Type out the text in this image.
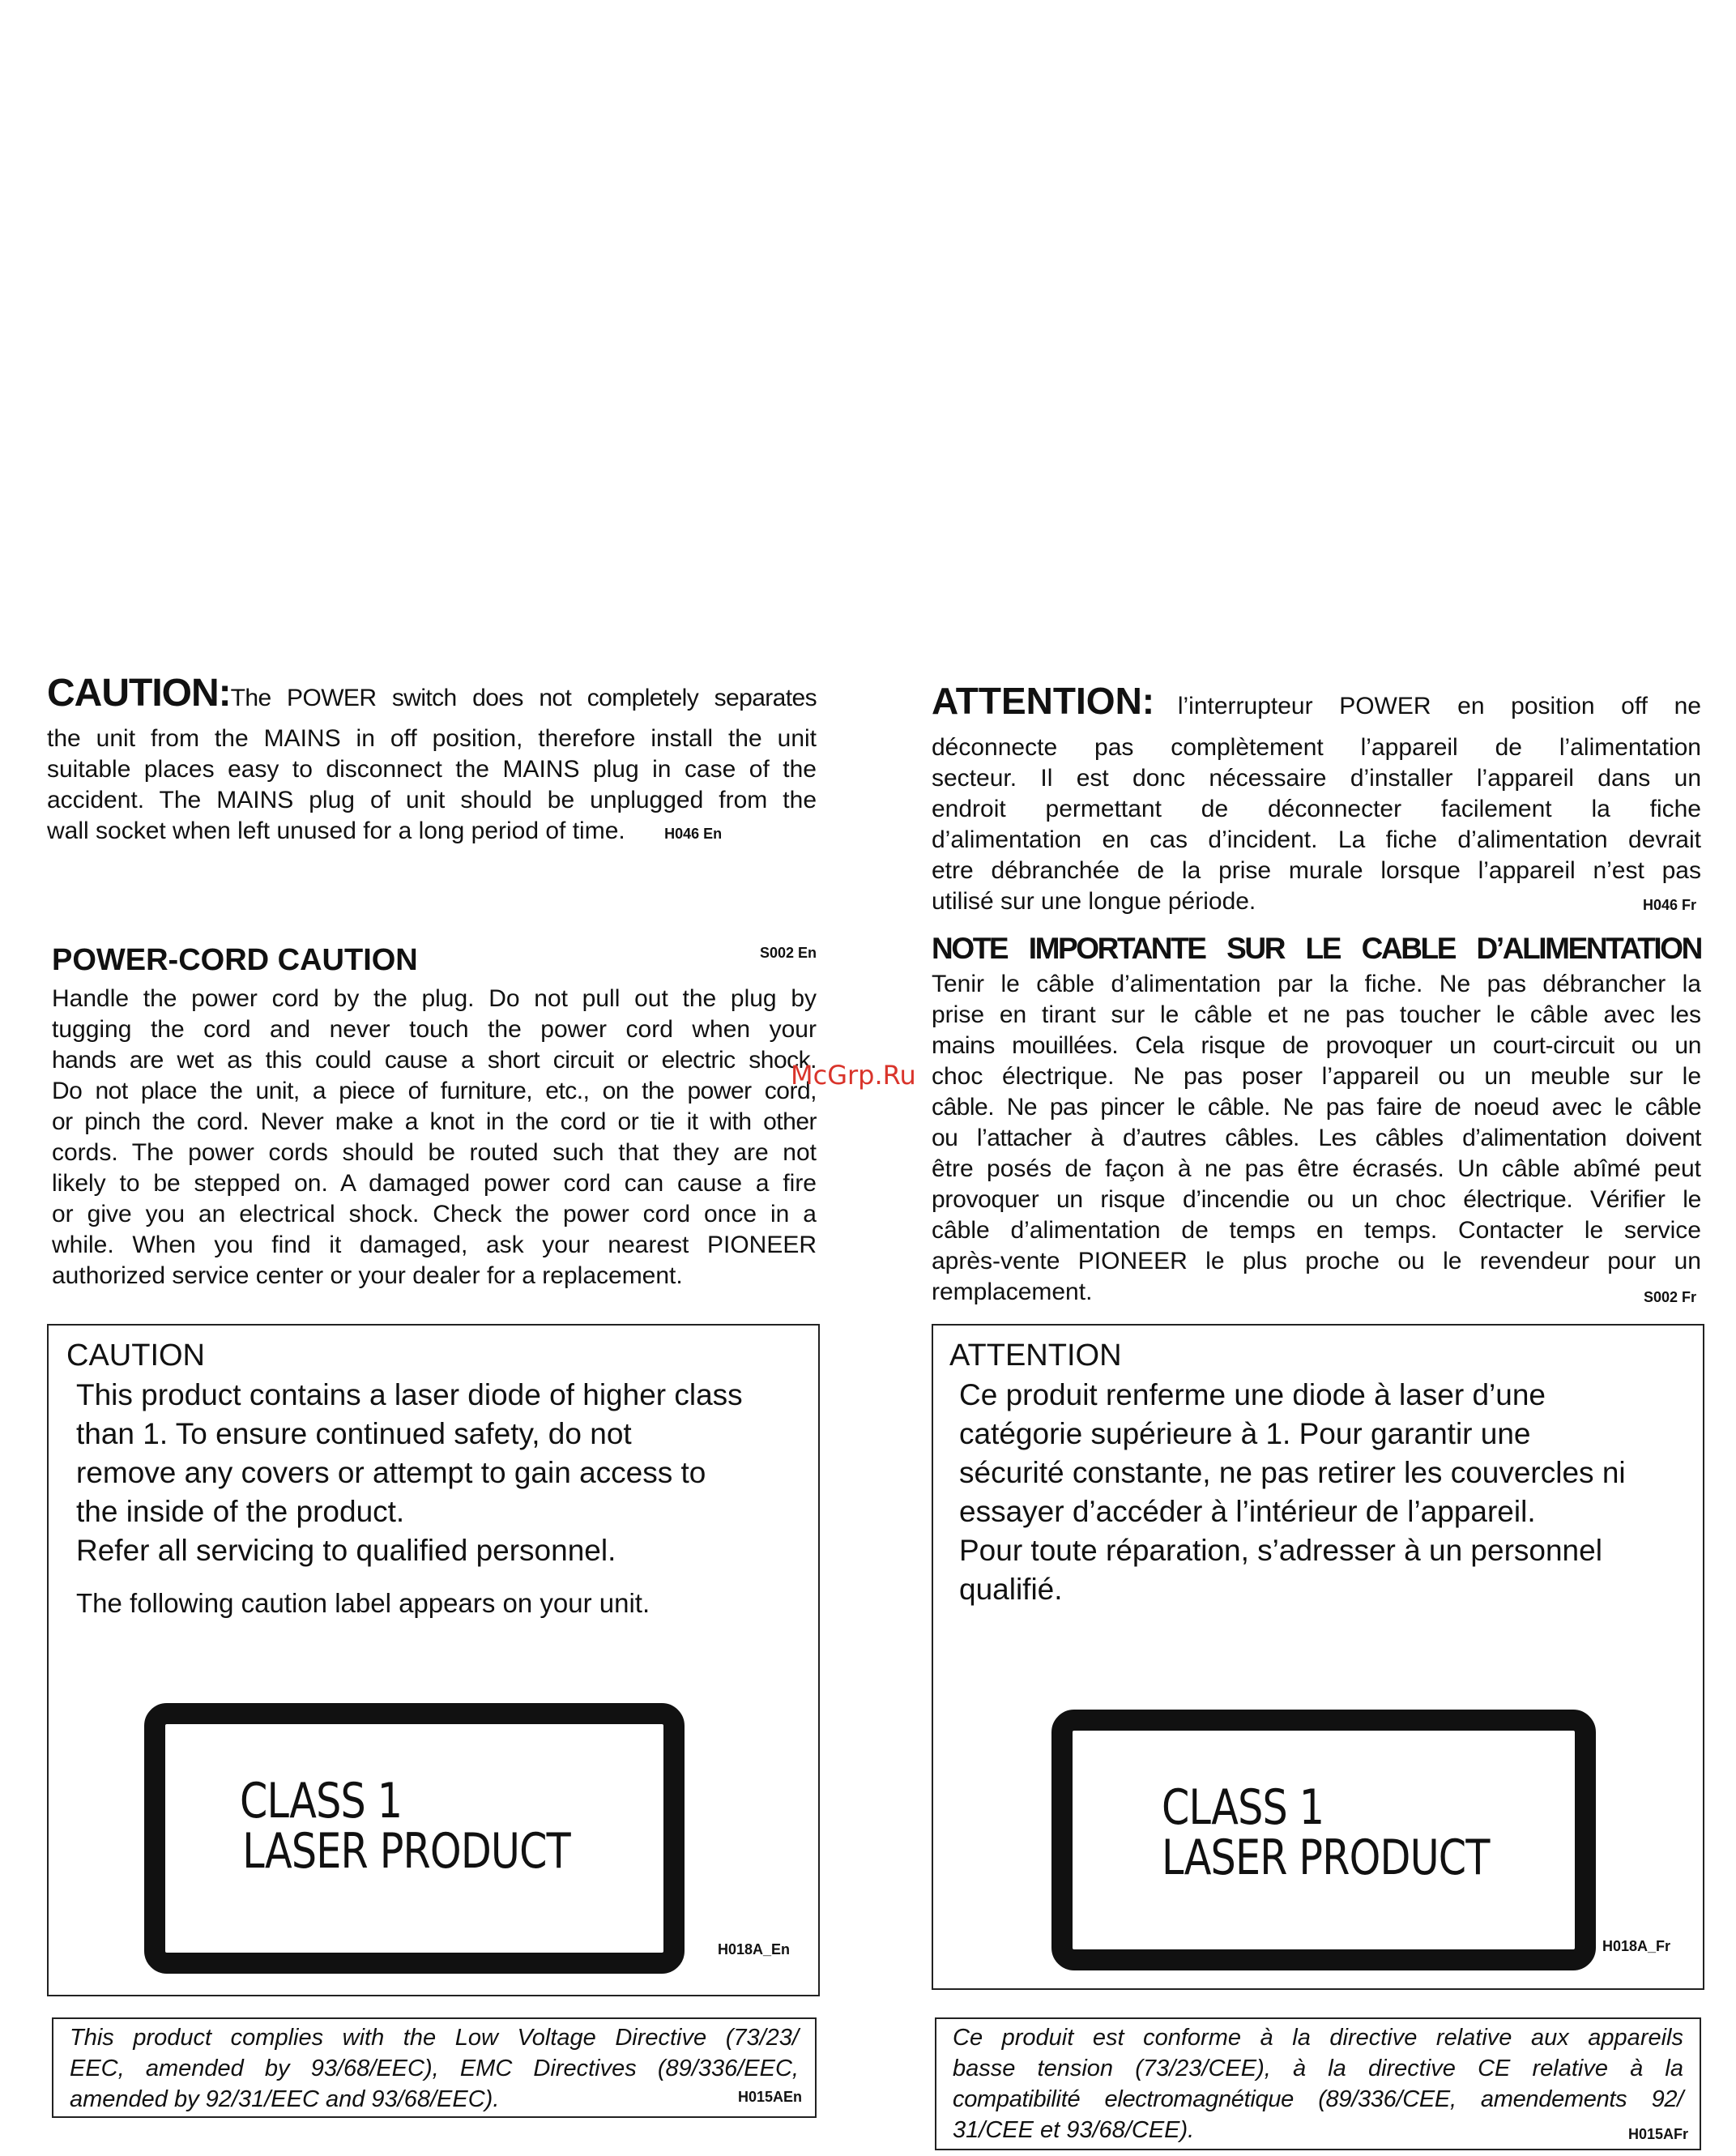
CAUTION:The POWER switch does not completely separates
the unit from the MAINS in off position, therefore install the unit
suitable places easy to disconnect the MAINS plug in case of the
accident. The MAINS plug of unit should be unplugged from the
wall socket when left unused for a long period of time.	H046 En
POWER-CORD CAUTION	S002 En
Handle the power cord by the plug. Do not pull out the plug by
tugging the cord and never touch the power cord when your
hands are wet as this could cause a short circuit or electric shock.
Do not place the unit, a piece of furniture, etc., on the power cord,
or pinch the cord. Never make a knot in the cord or tie it with other
cords. The power cords should be routed such that they are not
likely to be stepped on. A damaged power cord can cause a fire
or give you an electrical shock. Check the power cord once in a
while. When you find it damaged, ask your nearest PIONEER
authorized service center or your dealer for a replacement.
CAUTION
This product contains a laser diode of higher class
than 1. To ensure continued safety, do not
remove any covers or attempt to gain access to
the inside of the product.
Refer all servicing to qualified personnel.
The following caution label appears on your unit.
CLASS 1
LASER PRODUCT
H018A_En
This product complies with the Low Voltage Directive (73/23/
EEC, amended by 93/68/EEC), EMC Directives (89/336/EEC,
amended by 92/31/EEC and 93/68/EEC).	H015AEn
ATTENTION: l’interrupteur POWER en position off ne
déconnecte pas complètement l’appareil de l’alimentation
secteur. Il est donc nécessaire d’installer l’appareil dans un
endroit permettant de déconnecter facilement la fiche
d’alimentation en cas d’incident. La fiche d’alimentation devrait
etre débranchée de la prise murale lorsque l’appareil n’est pas
utilisé sur une longue période.	H046 Fr
NOTE IMPORTANTE SUR LE CABLE D’ALIMENTATION
Tenir le câble d’alimentation par la fiche. Ne pas débrancher la
prise en tirant sur le câble et ne pas toucher le câble avec les
mains mouillées. Cela risque de provoquer un court-circuit ou un
choc électrique. Ne pas poser l’appareil ou un meuble sur le
câble. Ne pas pincer le câble. Ne pas faire de noeud avec le câble
ou l’attacher à d’autres câbles. Les câbles d’alimentation doivent
être posés de façon à ne pas être écrasés. Un câble abîmé peut
provoquer un risque d’incendie ou un choc électrique. Vérifier le
câble d’alimentation de temps en temps. Contacter le service
après-vente PIONEER le plus proche ou le revendeur pour un
remplacement.	S002 Fr
ATTENTION
Ce produit renferme une diode à laser d’une
catégorie supérieure à 1. Pour garantir une
sécurité constante, ne pas retirer les couvercles ni
essayer d’accéder à l’intérieur de l’appareil.
Pour toute réparation, s’adresser à un personnel
qualifié.
CLASS 1
LASER PRODUCT
H018A_Fr
Ce produit est conforme à la directive relative aux appareils
basse tension (73/23/CEE), à la directive CE relative à la
compatibilité electromagnétique (89/336/CEE, amendements 92/
31/CEE et 93/68/CEE).	H015AFr
McGrp.Ru
